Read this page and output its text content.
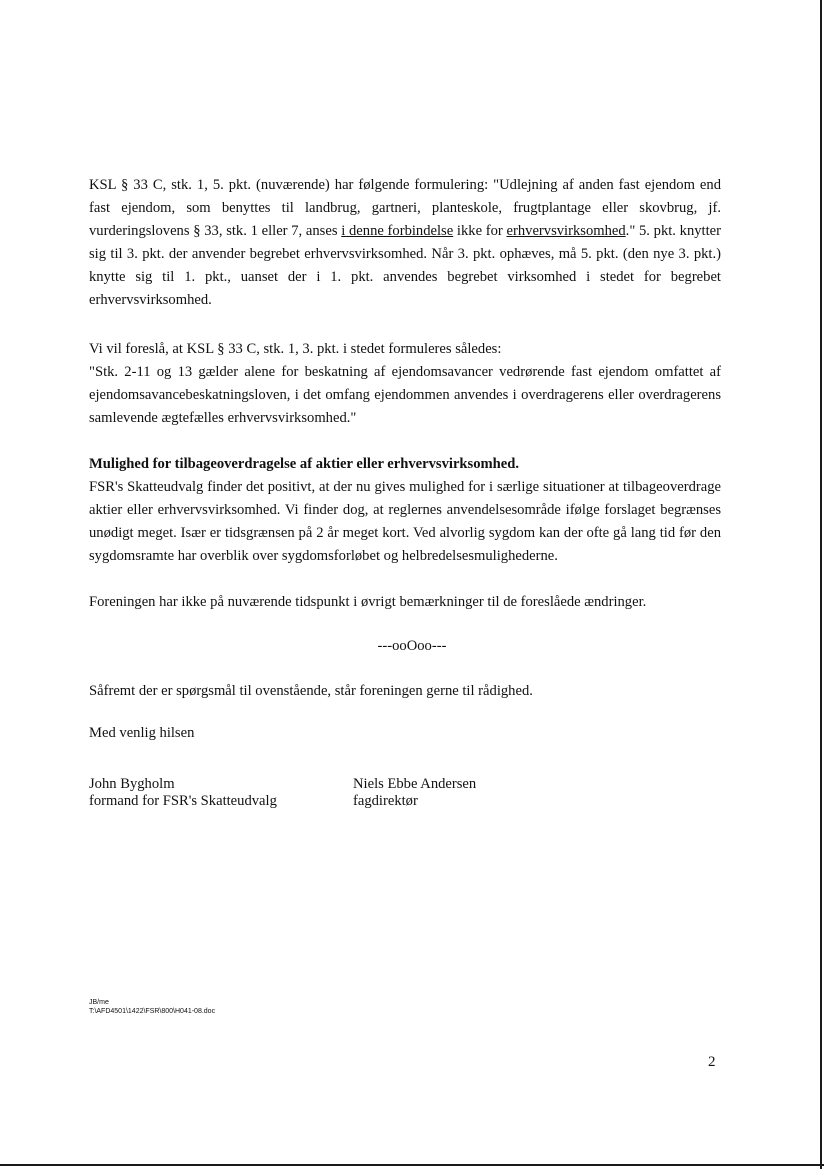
KSL § 33 C, stk. 1, 5. pkt. (nuværende) har følgende formulering: "Udlejning af anden fast ejendom end fast ejendom, som benyttes til landbrug, gartneri, planteskole, frugtplantage eller skovbrug, jf. vurderingslovens § 33, stk. 1 eller 7, anses i denne forbindelse ikke for erhvervsvirksomhed." 5. pkt. knytter sig til 3. pkt. der anvender begrebet erhvervsvirksomhed. Når 3. pkt. ophæves, må 5. pkt. (den nye 3. pkt.) knytte sig til 1. pkt., uanset der i 1. pkt. anvendes begrebet virksomhed i stedet for begrebet erhvervsvirksomhed.

Vi vil foreslå, at KSL § 33 C, stk. 1, 3. pkt. i stedet formuleres således:

"Stk. 2-11 og 13 gælder alene for beskatning af ejendomsavancer vedrørende fast ejendom omfattet af ejendomsavancebeskatningsloven, i det omfang ejendommen anvendes i overdragerens eller overdragerens samlevende ægtefælles erhvervsvirksomhed."

Mulighed for tilbageoverdragelse af aktier eller erhvervsvirksomhed.

FSR's Skatteudvalg finder det positivt, at der nu gives mulighed for i særlige situationer at tilbageoverdrage aktier eller erhvervsvirksomhed. Vi finder dog, at reglernes anvendelsesområde ifølge forslaget begrænses unødigt meget. Især er tidsgrænsen på 2 år meget kort. Ved alvorlig sygdom kan der ofte gå lang tid før den sygdomsramte har overblik over sygdomsforløbet og helbredelsesmulighederne.

Foreningen har ikke på nuværende tidspunkt i øvrigt bemærkninger til de foreslåede ændringer.
---ooOoo---
Såfremt der er spørgsmål til ovenstående, står foreningen gerne til rådighed.
Med venlig hilsen
John Bygholm
formand for FSR's Skatteudvalg
Niels Ebbe Andersen
fagdirektør
JB/me
T:\AFD4501\1422\FSR\800\H041-08.doc
2
